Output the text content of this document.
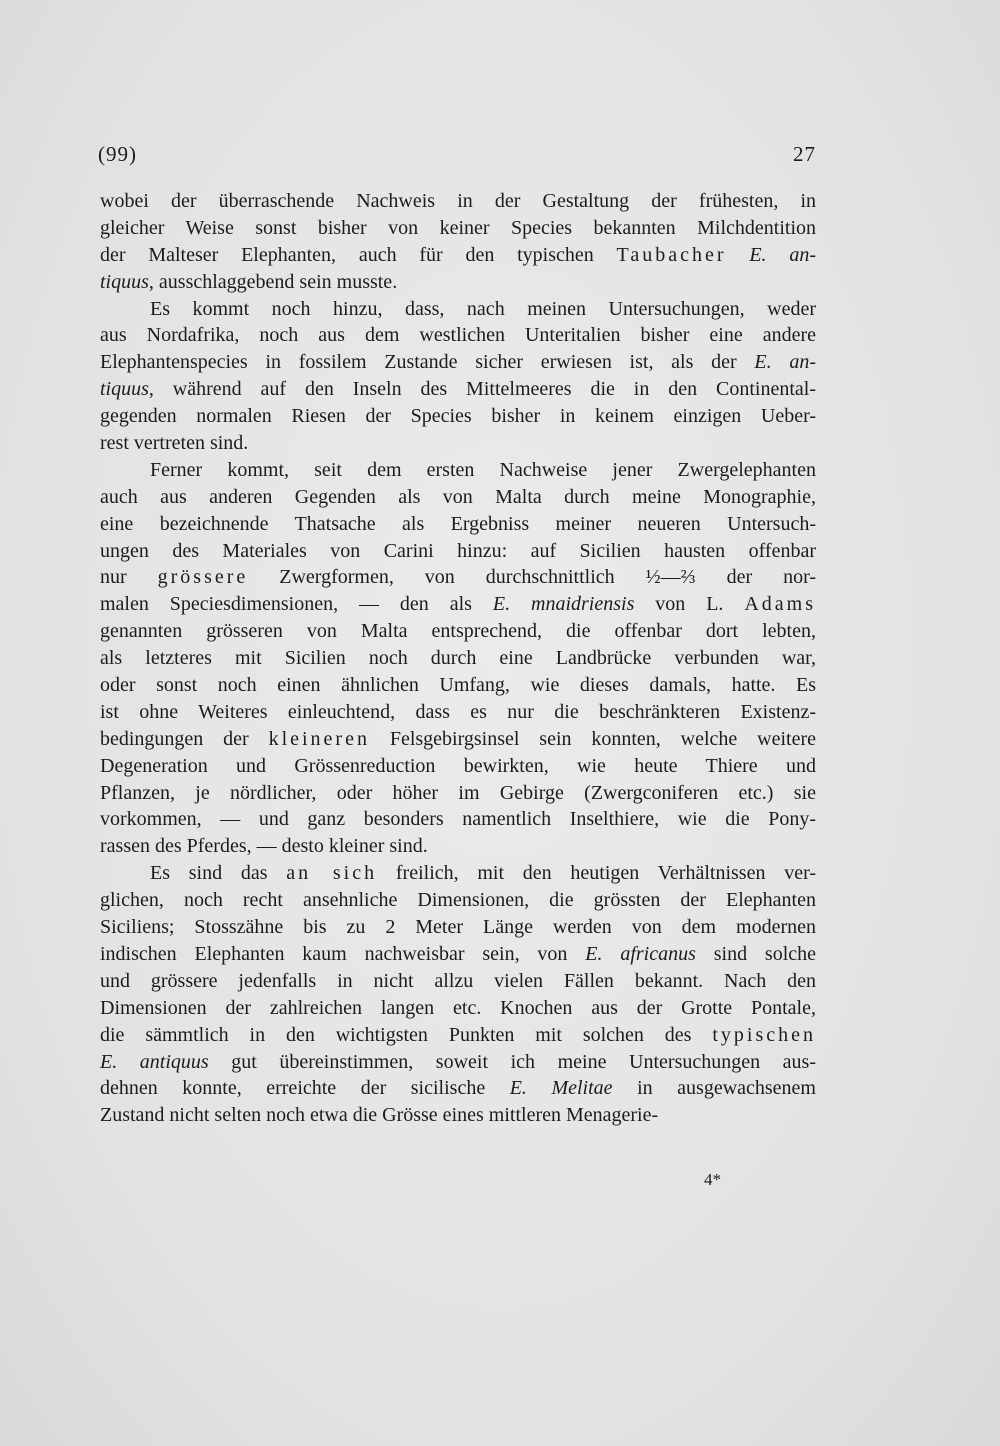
(99)	27
wobei der überraschende Nachweis in der Gestaltung der frühesten, in
gleicher Weise sonst bisher von keiner Species bekannten Milchdentition
der Malteser Elephanten, auch für den typischen Taubacher E. an-
tiquus, ausschlaggebend sein musste.
Es kommt noch hinzu, dass, nach meinen Untersuchungen, weder
aus Nordafrika, noch aus dem westlichen Unteritalien bisher eine andere
Elephantenspecies in fossilem Zustande sicher erwiesen ist, als der E. an-
tiquus, während auf den Inseln des Mittelmeeres die in den Continental-
gegenden normalen Riesen der Species bisher in keinem einzigen Ueber-
rest vertreten sind.
Ferner kommt, seit dem ersten Nachweise jener Zwergelephanten
auch aus anderen Gegenden als von Malta durch meine Monographie,
eine bezeichnende Thatsache als Ergebniss meiner neueren Untersuch-
ungen des Materiales von Carini hinzu: auf Sicilien hausten offenbar
nur grössere Zwergformen, von durchschnittlich ½—⅔ der nor-
malen Speciesdimensionen, — den als E. mnaidriensis von L. Adams
genannten grösseren von Malta entsprechend, die offenbar dort lebten,
als letzteres mit Sicilien noch durch eine Landbrücke verbunden war,
oder sonst noch einen ähnlichen Umfang, wie dieses damals, hatte. Es
ist ohne Weiteres einleuchtend, dass es nur die beschränkteren Existenz-
bedingungen der kleineren Felsgebirgsinsel sein konnten, welche weitere
Degeneration und Grössenreduction bewirkten, wie heute Thiere und
Pflanzen, je nördlicher, oder höher im Gebirge (Zwergconiferen etc.) sie
vorkommen, — und ganz besonders namentlich Inselthiere, wie die Pony-
rassen des Pferdes, — desto kleiner sind.
Es sind das an sich freilich, mit den heutigen Verhältnissen ver-
glichen, noch recht ansehnliche Dimensionen, die grössten der Elephanten
Siciliens; Stosszähne bis zu 2 Meter Länge werden von dem modernen
indischen Elephanten kaum nachweisbar sein, von E. africanus sind solche
und grössere jedenfalls in nicht allzu vielen Fällen bekannt. Nach den
Dimensionen der zahlreichen langen etc. Knochen aus der Grotte Pontale,
die sämmtlich in den wichtigsten Punkten mit solchen des typischen
E. antiquus gut übereinstimmen, soweit ich meine Untersuchungen aus-
dehnen konnte, erreichte der sicilische E. Melitae in ausgewachsenem
Zustand nicht selten noch etwa die Grösse eines mittleren Menagerie-
4*
